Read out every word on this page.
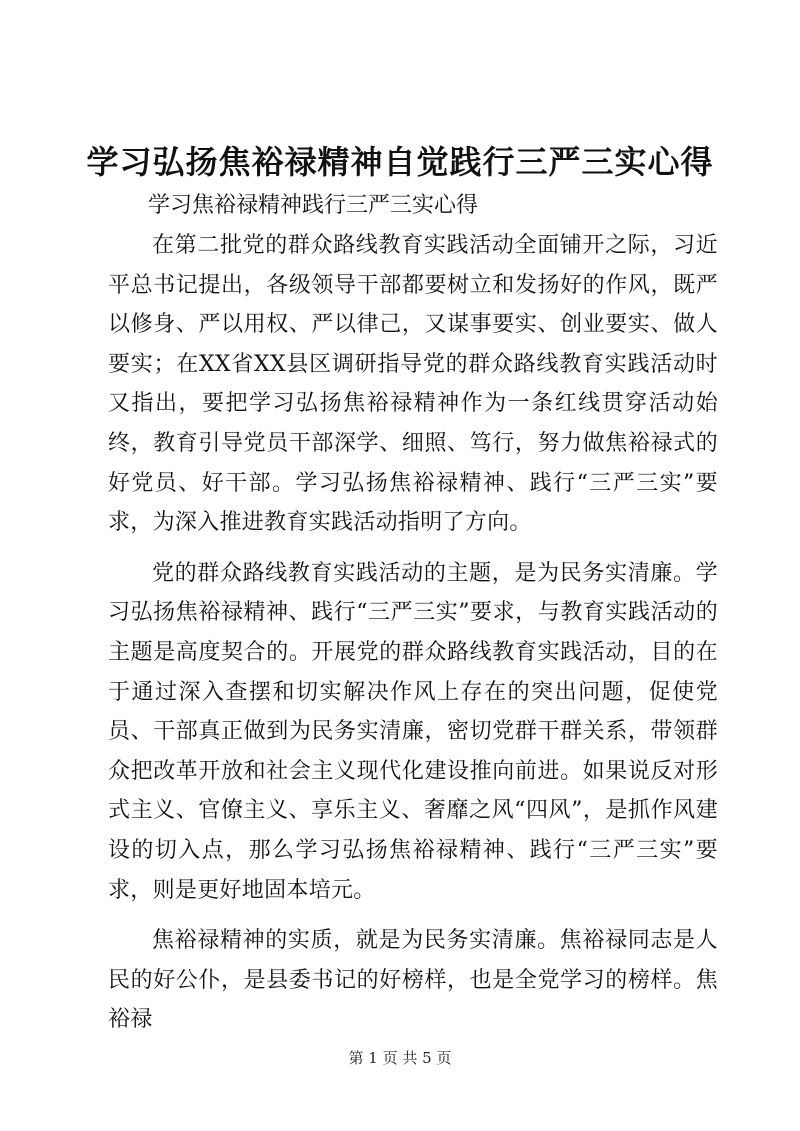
学习弘扬焦裕禄精神自觉践行三严三实心得

学习焦裕禄精神践行三严三实心得

在第二批党的群众路线教育实践活动全面铺开之际，习近平总书记提出，各级领导干部都要树立和发扬好的作风，既严以修身、严以用权、严以律己，又谋事要实、创业要实、做人要实；在XX省XX县区调研指导党的群众路线教育实践活动时又指出，要把学习弘扬焦裕禄精神作为一条红线贯穿活动始终，教育引导党员干部深学、细照、笃行，努力做焦裕禄式的好党员、好干部。学习弘扬焦裕禄精神、践行“三严三实”要求，为深入推进教育实践活动指明了方向。

党的群众路线教育实践活动的主题，是为民务实清廉。学习弘扬焦裕禄精神、践行“三严三实”要求，与教育实践活动的主题是高度契合的。开展党的群众路线教育实践活动，目的在于通过深入查摆和切实解决作风上存在的突出问题，促使党员、干部真正做到为民务实清廉，密切党群干群关系，带领群众把改革开放和社会主义现代化建设推向前进。如果说反对形式主义、官僚主义、享乐主义、奢靡之风“四风”，是抓作风建设的切入点，那么学习弘扬焦裕禄精神、践行“三严三实”要求，则是更好地固本培元。

焦裕禄精神的实质，就是为民务实清廉。焦裕禄同志是人民的好公仆，是县委书记的好榜样，也是全党学习的榜样。焦裕禄

第 1 页 共 5 页
